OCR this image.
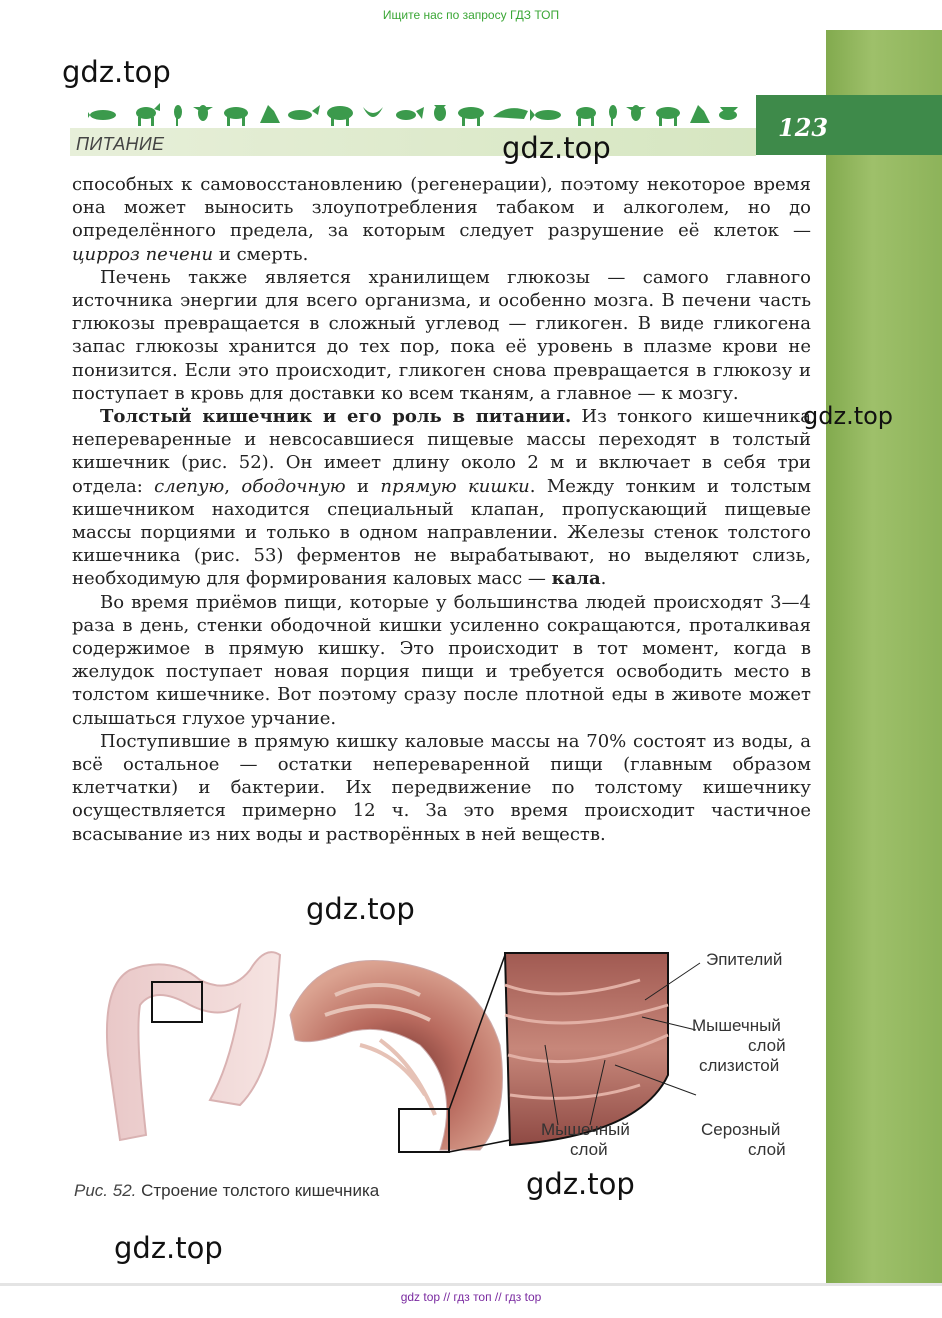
Ищите нас по запросу ГДЗ ТОП
ПИТАНИЕ
123
gdz.top
gdz.top
gdz.top
gdz.top
gdz.top
gdz.top

способных к самовосстановлению (регенерации), поэтому некоторое время она может выносить злоупотребления табаком и алкоголем, но до определённого предела, за которым следует разрушение её клеток — цирроз печени и смерть.

Печень также является хранилищем глюкозы — самого главного источника энергии для всего организма, и особенно мозга. В печени часть глюкозы превращается в сложный углевод — гликоген. В виде гликогена запас глюкозы хранится до тех пор, пока её уровень в плазме крови не понизится. Если это происходит, гликоген снова превращается в глюкозу и поступает в кровь для доставки ко всем тканям, а главное — к мозгу.

Толстый кишечник и его роль в питании. Из тонкого кишечника непереваренные и невсосавшиеся пищевые массы переходят в толстый кишечник (рис. 52). Он имеет длину около 2 м и включает в себя три отдела: слепую, ободочную и прямую кишки. Между тонким и толстым кишечником находится специальный клапан, пропускающий пищевые массы порциями и только в одном направлении. Железы стенок толстого кишечника (рис. 53) ферментов не вырабатывают, но выделяют слизь, необходимую для формирования каловых масс — кала.

Во время приёмов пищи, которые у большинства людей происходят 3—4 раза в день, стенки ободочной кишки усиленно сокращаются, проталкивая содержимое в прямую кишку. Это происходит в тот момент, когда в желудок поступает новая порция пищи и требуется освободить место в толстом кишечнике. Вот поэтому сразу после плотной еды в животе может слышаться глухое урчание.

Поступившие в прямую кишку каловые массы на 70% состоят из воды, а всё остальное — остатки непереваренной пищи (главным образом клетчатки) и бактерии. Их передвижение по толстому кишечнику осуществляется примерно 12 ч. За это время происходит частичное всасывание из них воды и растворённых в ней веществ.

Эпителий
Мышечный
слой
слизистой
Мышечный
слой
Серозный
слой
Рис. 52. Строение толстого кишечника
gdz top // гдз топ // гдз top
